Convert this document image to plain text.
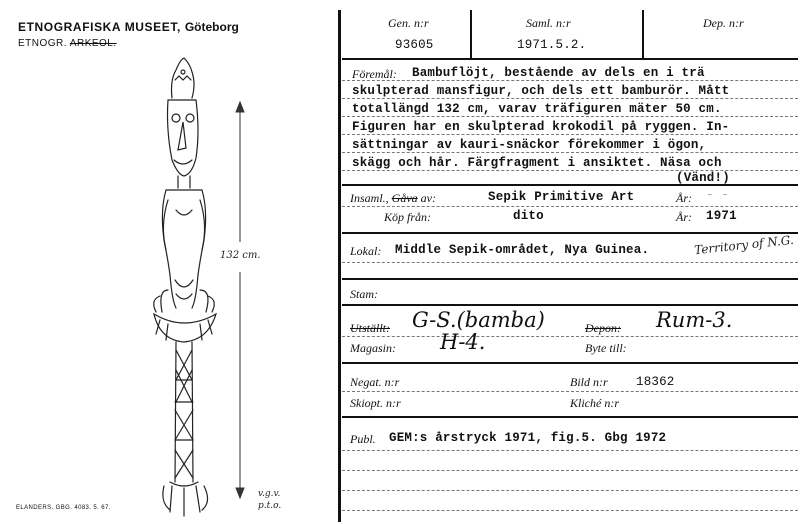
ETNOGRAFISKA MUSEET, Göteborg
ETNOGR. ARKEOL.
132 cm.
v.g.v.
p.t.o.
ELANDERS. GBG. 4083. 5. 67.
Gen. n:r
93605
Saml. n:r
1971.5.2.
Dep. n:r
Föremål: Bambuflöjt, bestående av dels en i trä
skulpterad mansfigur, och dels ett bamburör. Mått
totallängd 132 cm, varav träfiguren mäter 50 cm.
Figuren har en skulpterad krokodil på ryggen. In-
sättningar av kauri-snäckor förekommer i ögon,
skägg och hår. Färgfragment i ansiktet. Näsa och
(Vänd!)
Insaml., Gåva av:	Sepik Primitive Art	År: - -
Köp från:	dito	År: 1971
Lokal: Middle Sepik-området, Nya Guinea.	Territory of N.G.
Stam:
Utställt: G-S.(bamba)	Depon: Rum-3.
Magasin: H-4.	Byte till:
Negat. n:r	Bild n:r 18362
Skiopt. n:r	Kliché n:r
Publ. GEM:s årstryck 1971, fig.5. Gbg 1972
